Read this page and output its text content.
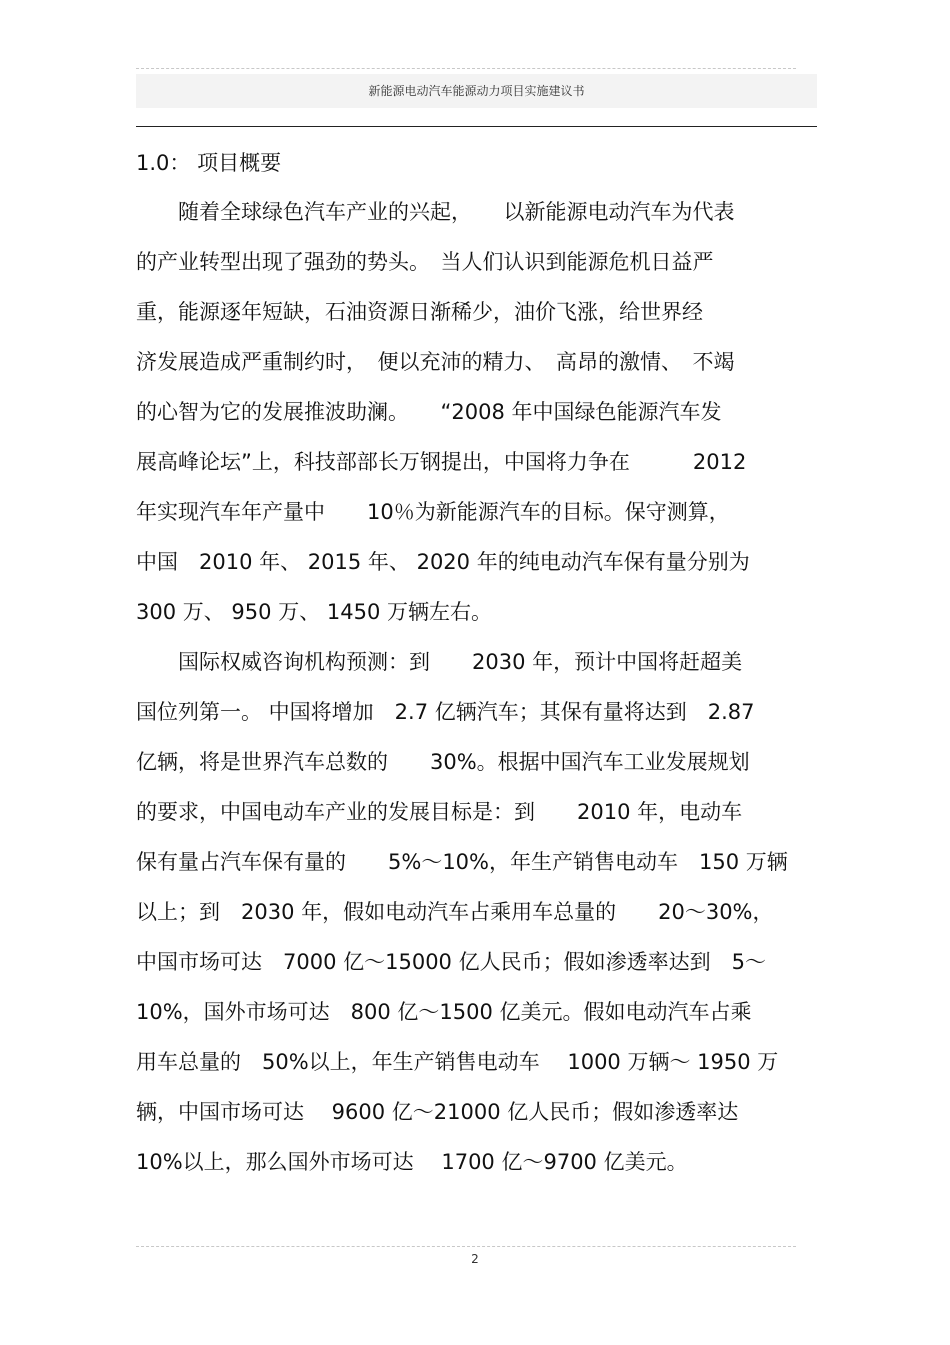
新能源电动汽车能源动力项目实施建议书
1.0： 项目概要
　　随着全球绿色汽车产业的兴起，　　以新能源电动汽车为代表
的产业转型出现了强劲的势头。　当人们认识到能源危机日益严
重，能源逐年短缺，石油资源日渐稀少，油价飞涨，给世界经
济发展造成严重制约时，　便以充沛的精力、　高昂的激情、　不竭
的心智为它的发展推波助澜。　　“2008 年中国绿色能源汽车发
展高峰论坛”上，科技部部长万钢提出，中国将力争在　　　2012
年实现汽车年产量中　　10％为新能源汽车的目标。保守测算，
中国　2010 年、 2015 年、 2020 年的纯电动汽车保有量分别为
300 万、 950 万、 1450 万辆左右。
　　国际权威咨询机构预测：到　　2030 年，预计中国将赶超美
国位列第一。 中国将增加　2.7 亿辆汽车；其保有量将达到　2.87
亿辆，将是世界汽车总数的　　30%。根据中国汽车工业发展规划
的要求，中国电动车产业的发展目标是：到　　2010 年，电动车
保有量占汽车保有量的　　5%～10%，年生产销售电动车　150 万辆
以上；到　2030 年，假如电动汽车占乘用车总量的　　20～30%，
中国市场可达　7000 亿～15000 亿人民币；假如渗透率达到　5～
10%，国外市场可达　800 亿～1500 亿美元。假如电动汽车占乘
用车总量的　50%以上，年生产销售电动车　 1000 万辆～ 1950 万
辆，中国市场可达　 9600 亿～21000 亿人民币；假如渗透率达
10%以上，那么国外市场可达　 1700 亿～9700 亿美元。
2
